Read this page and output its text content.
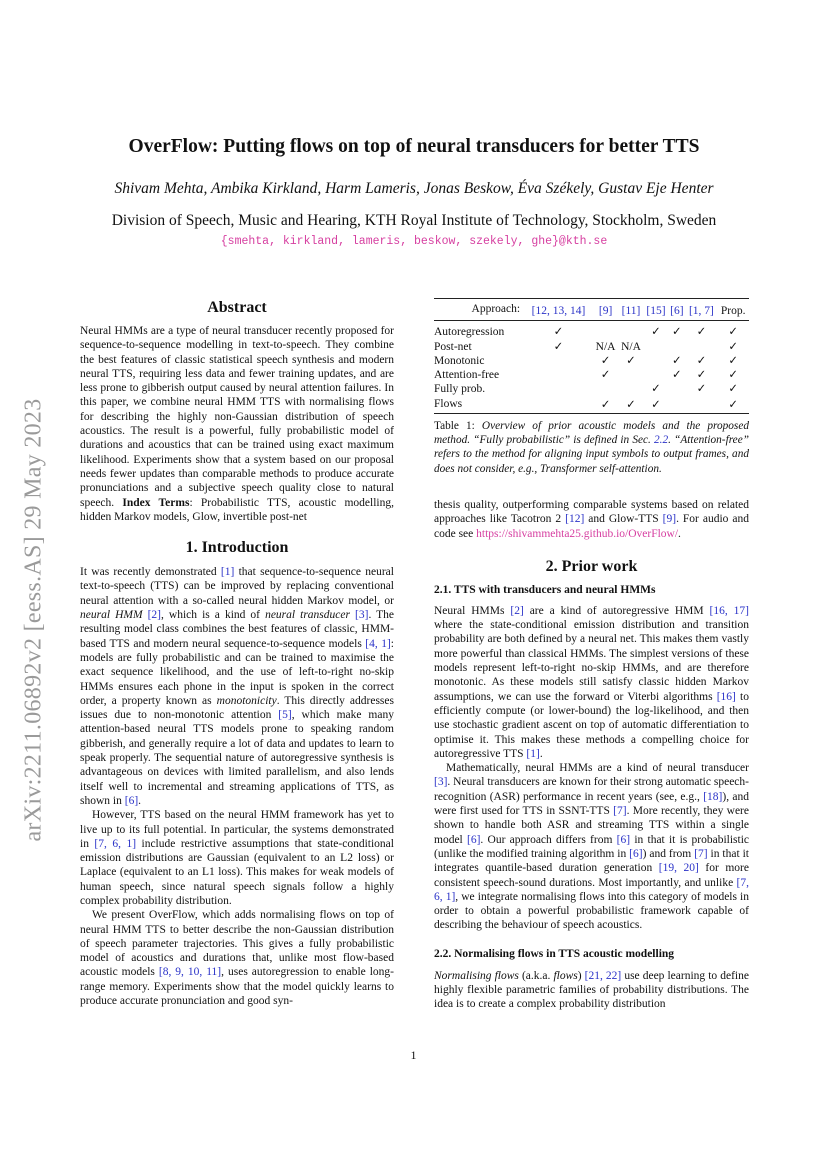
arXiv:2211.06892v2 [eess.AS] 29 May 2023
OverFlow: Putting flows on top of neural transducers for better TTS
Shivam Mehta, Ambika Kirkland, Harm Lameris, Jonas Beskow, Éva Székely, Gustav Eje Henter
Division of Speech, Music and Hearing, KTH Royal Institute of Technology, Stockholm, Sweden
{smehta, kirkland, lameris, beskow, szekely, ghe}@kth.se
Abstract

Neural HMMs are a type of neural transducer recently proposed for sequence-to-sequence modelling in text-to-speech. They combine the best features of classic statistical speech synthesis and modern neural TTS, requiring less data and fewer training updates, and are less prone to gibberish output caused by neural attention failures. In this paper, we combine neural HMM TTS with normalising flows for describing the highly non-Gaussian distribution of speech acoustics. The result is a powerful, fully probabilistic model of durations and acoustics that can be trained using exact maximum likelihood. Experiments show that a system based on our proposal needs fewer updates than comparable methods to produce accurate pronunciations and a subjective speech quality close to natural speech. Index Terms: Probabilistic TTS, acoustic modelling, hidden Markov models, Glow, invertible post-net

1. Introduction

It was recently demonstrated [1] that sequence-to-sequence neural text-to-speech (TTS) can be improved by replacing conventional neural attention with a so-called neural hidden Markov model, or neural HMM [2], which is a kind of neural transducer [3]. The resulting model class combines the best features of classic, HMM-based TTS and modern neural sequence-to-sequence models [4, 1]: models are fully probabilistic and can be trained to maximise the exact sequence likelihood, and the use of left-to-right no-skip HMMs ensures each phone in the input is spoken in the correct order, a property known as monotonicity. This directly addresses issues due to non-monotonic attention [5], which make many attention-based neural TTS models prone to speaking random gibberish, and generally require a lot of data and updates to learn to speak properly. The sequential nature of autoregressive synthesis is advantageous on devices with limited parallelism, and also lends itself well to incremental and streaming applications of TTS, as shown in [6].

However, TTS based on the neural HMM framework has yet to live up to its full potential. In particular, the systems demonstrated in [7, 6, 1] include restrictive assumptions that state-conditional emission distributions are Gaussian (equivalent to an L2 loss) or Laplace (equivalent to an L1 loss). This makes for weak models of human speech, since natural speech signals follow a highly complex probability distribution.

We present OverFlow, which adds normalising flows on top of neural HMM TTS to better describe the non-Gaussian distribution of speech parameter trajectories. This gives a fully probabilistic model of acoustics and durations that, unlike most flow-based acoustic models [8, 9, 10, 11], uses autoregression to enable long-range memory. Experiments show that the model quickly learns to produce accurate pronunciation and good syn-

Approach:	[12, 13, 14]	[9]	[11]	[15]	[6]	[1, 7]	Prop.

Autoregression	✓			✓	✓	✓	✓
Post-net	✓	N/A	N/A				✓
Monotonic		✓	✓		✓	✓	✓
Attention-free		✓			✓	✓	✓
Fully prob.				✓		✓	✓
Flows		✓	✓	✓			✓

Table 1: Overview of prior acoustic models and the proposed method. “Fully probabilistic” is defined in Sec. 2.2. “Attention-free” refers to the method for aligning input symbols to output frames, and does not consider, e.g., Transformer self-attention.

thesis quality, outperforming comparable systems based on related approaches like Tacotron 2 [12] and Glow-TTS [9]. For audio and code see https://shivammehta25.github.io/OverFlow/.

2. Prior work
2.1. TTS with transducers and neural HMMs

Neural HMMs [2] are a kind of autoregressive HMM [16, 17] where the state-conditional emission distribution and transition probability are both defined by a neural net. This makes them vastly more powerful than classical HMMs. The simplest versions of these models represent left-to-right no-skip HMMs, and are therefore monotonic. As these models still satisfy classic hidden Markov assumptions, we can use the forward or Viterbi algorithms [16] to efficiently compute (or lower-bound) the log-likelihood, and then use stochastic gradient ascent on top of automatic differentiation to optimise it. This makes these methods a compelling choice for autoregressive TTS [1].

Mathematically, neural HMMs are a kind of neural transducer [3]. Neural transducers are known for their strong automatic speech-recognition (ASR) performance in recent years (see, e.g., [18]), and were first used for TTS in SSNT-TTS [7]. More recently, they were shown to handle both ASR and streaming TTS within a single model [6]. Our approach differs from [6] in that it is probabilistic (unlike the modified training algorithm in [6]) and from [7] in that it integrates quantile-based duration generation [19, 20] for more consistent speech-sound durations. Most importantly, and unlike [7, 6, 1], we integrate normalising flows into this category of models in order to obtain a powerful probabilistic framework capable of describing the behaviour of speech acoustics.

2.2. Normalising flows in TTS acoustic modelling

Normalising flows (a.k.a. flows) [21, 22] use deep learning to define highly flexible parametric families of probability distributions. The idea is to create a complex probability distribution

1
